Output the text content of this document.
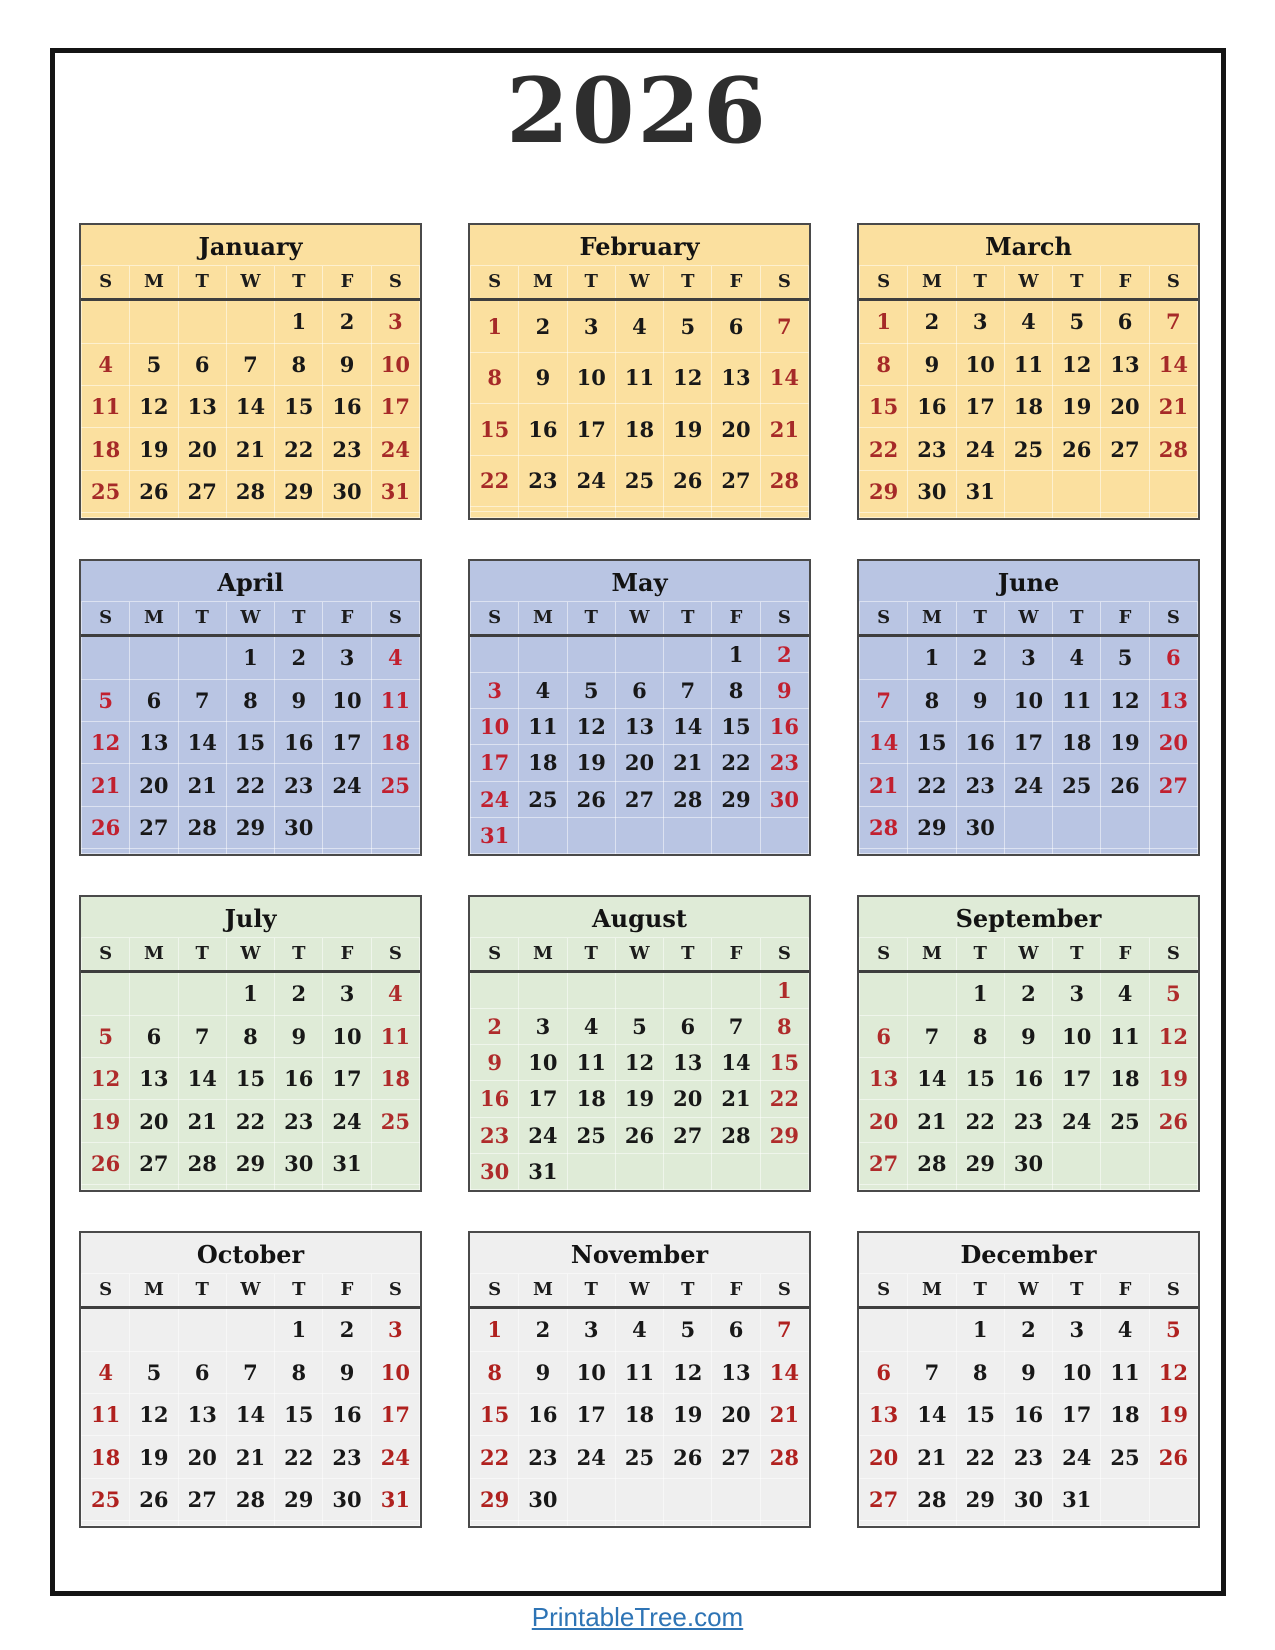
2026
January
S	M	T	W	T	F	S
				1	2	3
4	5	6	7	8	9	10
11	12	13	14	15	16	17
18	19	20	21	22	23	24
25	26	27	28	29	30	31

February
S	M	T	W	T	F	S
1	2	3	4	5	6	7
8	9	10	11	12	13	14
15	16	17	18	19	20	21
22	23	24	25	26	27	28

March
S	M	T	W	T	F	S
1	2	3	4	5	6	7
8	9	10	11	12	13	14
15	16	17	18	19	20	21
22	23	24	25	26	27	28
29	30	31				

April
S	M	T	W	T	F	S
			1	2	3	4
5	6	7	8	9	10	11
12	13	14	15	16	17	18
21	20	21	22	23	24	25
26	27	28	29	30		

May
S	M	T	W	T	F	S
					1	2
3	4	5	6	7	8	9
10	11	12	13	14	15	16
17	18	19	20	21	22	23
24	25	26	27	28	29	30
31						
June
S	M	T	W	T	F	S
	1	2	3	4	5	6
7	8	9	10	11	12	13
14	15	16	17	18	19	20
21	22	23	24	25	26	27
28	29	30				

July
S	M	T	W	T	F	S
			1	2	3	4
5	6	7	8	9	10	11
12	13	14	15	16	17	18
19	20	21	22	23	24	25
26	27	28	29	30	31	

August
S	M	T	W	T	F	S
						1
2	3	4	5	6	7	8
9	10	11	12	13	14	15
16	17	18	19	20	21	22
23	24	25	26	27	28	29
30	31					
September
S	M	T	W	T	F	S
		1	2	3	4	5
6	7	8	9	10	11	12
13	14	15	16	17	18	19
20	21	22	23	24	25	26
27	28	29	30			

October
S	M	T	W	T	F	S
				1	2	3
4	5	6	7	8	9	10
11	12	13	14	15	16	17
18	19	20	21	22	23	24
25	26	27	28	29	30	31

November
S	M	T	W	T	F	S
1	2	3	4	5	6	7
8	9	10	11	12	13	14
15	16	17	18	19	20	21
22	23	24	25	26	27	28
29	30					

December
S	M	T	W	T	F	S
		1	2	3	4	5
6	7	8	9	10	11	12
13	14	15	16	17	18	19
20	21	22	23	24	25	26
27	28	29	30	31		

PrintableTree.com
